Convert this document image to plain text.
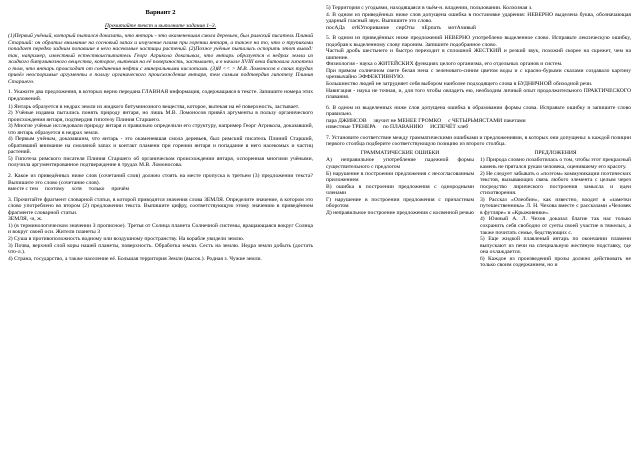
Вариант 2
Прочитайте текст и выполните задания 1–3.

(1)Первый учёный, который пытался доказать, что янтарь - это окаменевшая смола деревьев, был римский писатель Плиний Старший: он обратил внимание на сосновый запах и излучение пламя при горении янтаря, а также на то, что о трупиками попадает передко задним попавшие в него насекомые частицы растений. (2)Позже учёные пытались оспорить этот вывод: так, например, известный естествоиспытатель Георг Агрикола доказывал, что янтарь образуется в недрах земли из жидкого битуминозного вещества, которое, вытекая на её поверхность, застывает, а в начале XVIII века битовала гипотеза о том, что янтарь происходит от соединения нефти с минеральными кислотами. (3)И << > М.В. Ломоносов в своих трудах привёл неоспоримые аргументы в пользу органического происхождения янтаря, тем самым подтвердив гипотезу Плиния Старшего.

1. Укажите два предложения, в которых верно передана ГЛАВНАЯ информация, содержащаяся в тексте. Запишите номера этих предложений.

1) Янтарь образуется в недрах земли из жидкого битуминозного вещества, которое, вытекая на её поверхность, застывает.

2) Учёные издавна пытались понять природу янтаря, но лишь М.В. Ломоносов привёл аргументы в пользу органического происхождения янтаря, подтвердив гипотезу Плиния Старшего.

3) Многие учёные исследовали природу янтаря и правильно определили его структуру, например Георг Агрикола, доказавший, что янтарь образуется в недрах земли.

4) Первым учёным, доказавшим, что янтарь - это окаменевшая смола деревьев, был римский писатель Плиний Старший, обративший внимание на смоляной запах и контакт пламени при горении янтаря и попадание в него насекомых и частиц растений.

5) Гипотеза римского писателя Плиния Старшего об органическом происхождении янтаря, оспоренная многими учёными, получила аргументированное подтверждение в трудах М.В. Ломоносова.

2. Какое из приведённых ниже слов (сочетаний слов) должно стоять на месте пропуска в третьем (3) предложении текста? Выпишите это слово (сочетание слов).

вместе с тем     поэтому     хотя     только     причём

3. Прочитайте фрагмент словарной статьи, в которой приводятся значения слова ЗЕМЛЯ. Определите значение, в котором это слово употреблено во втором (2) предложении текста. Выпишите цифру, соответствующую этому значению в приведённом фрагменте словарной статьи.

ЗЕМЛЯ, -и, ж.

1) (в терминологическом значении З прописное). Третья от Солнца планета Солнечной системы, вращающаяся вокруг Солнца и вокруг своей оси. Жители планеты З

2) Суша в противоположность водному или воздушному пространству. На корабле увидели землю.

3) Почва, верхний слой коры нашей планеты, поверхность. Обработка земли. Сесть на землю. Недра земли добыть (достать что-л.).

4) Страна, государство, а также население её. Большая территория Земли (высок.). Родная з. Чужие земли.

5) Территория с угодьями, находящаяся в чьём-н. владении, пользовании. Колхозная з.

4. В одном из приведённых ниже слов допущена ошибка в постановке ударения: НЕВЕРНО выделена буква, обозначающая ударный гласный звук. Выпишите это слово.

посАДа     отКУпоривание     сирОты     чЕрпать     мотАчивый

5. В одном из приведённых ниже предложений НЕВЕРНО употреблено выделенное слово. Исправьте лексическую ошибку, подобрав к выделенному слову пароним. Запишите подобранное слово.

Частый дробь шестьнего и быстро переходит в сплошной ЖЕСТКИЙ и резкий звук, похожий скорее на скрежет, чем на шипение.

Физиология - наука о ЖИТЕЙСКИХ функциях целого организма, его отдельных органов и систем.

При прямом солнечном свете белая пена с зеленовато-синим цветом воды и с красно-бурыми скалами создавало картину чрезвычайно ЭФФЕКТИВНУЮ.

Большинство людей не затрудняет себя выбором наиболее подходящего слова в БУДНИЧНОЙ обиходной речи.

Навигация - наука не точная, и, для того чтобы овладеть ею, необходим личный опыт продолжительного ПРАКТИЧЕСКОГО плавания.

6. В одном из выделенных ниже слов допущена ошибка в образовании формы слова. Исправьте ошибку и запишите слово правильно.

пара ДЖИНСОВ     звучит не МЕНЕЕ ГРОМКО     с ЧЕТЫРЬМЯСТАМИ пакетами

известные ТРЕНЕРА     по ПЛАВАНИЮ     ИСПЕЧЁТ хлеб

7. Установите соответствие между грамматическими ошибками и предложениями, в которых они допущены: к каждой позиции первого столбца подберите соответствующую позицию из второго столбца.

ГРАММАТИЧЕСКИЕ ОШИБКИ

А) неправильное употребление падежной формы существительного с предлогом

Б) нарушение в построении предложения с несогласованным приложением

В) ошибка в построении предложения с однородными членами

Г) нарушение в построении предложения с причастным оборотом

Д) неправильное построение предложения с косвенной речью

ПРЕДЛОЖЕНИЯ

1) Природа словно позаботилась о том, чтобы этот прекрасный камень не прятался рукам человека, оценившему его красоту.

2) Не следует забывать о «поэтом» коммуникации поэтических текстов, вызывающих связь любого элемента с целым через посредство лирического построения замысла и идеи стихотворения.

3) Рассказ «Олеобин», как известно, входит в «заметки путешественника» Л. Н. Чехова вместе с рассказами «Человек в футляре» и «Крыжовнике».

4) Южный А. Л. Чехов доказал благие так нас только сохранить себя свободно от суеты своей участие в тяжелых, а также почитать семье, бедствующих с.

5) Еще жидкой плавленый янтарь по окончании пламени выпускают из печи на специальную жестяную подставку, где она охлаждается.

6) Каждое из произведений прозы должно действовать не только своим содержанием, но и
